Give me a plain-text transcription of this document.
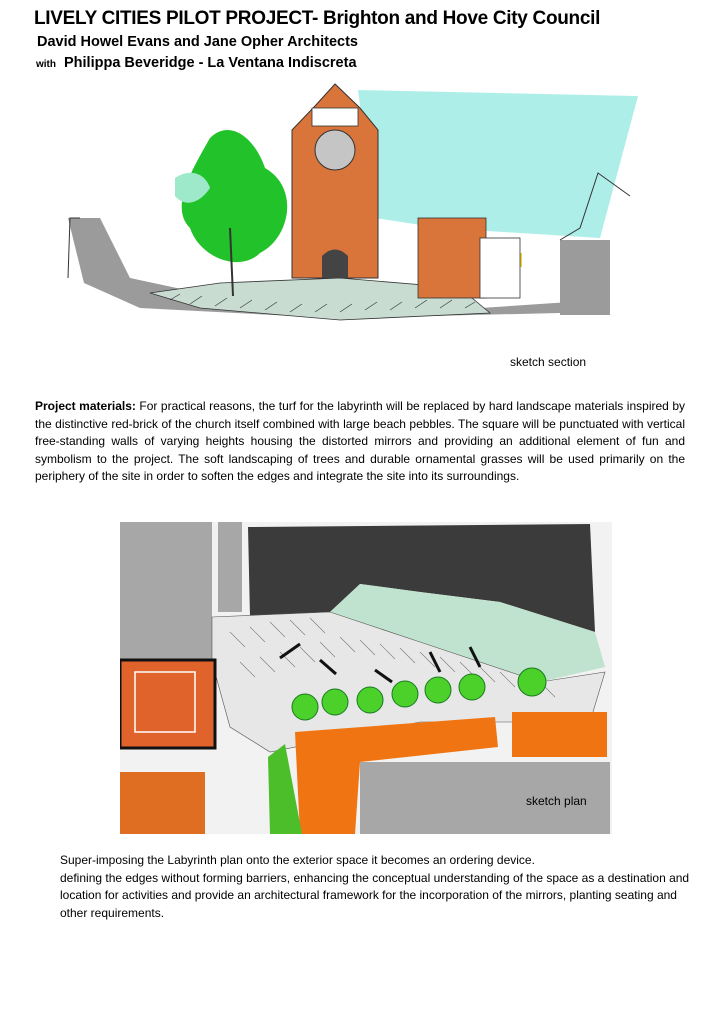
LIVELY CITIES PILOT PROJECT- Brighton and Hove City Council
David Howel Evans and Jane Opher Architects
with Philippa Beveridge - La Ventana Indiscreta
sketch section
Project materials: For practical reasons, the turf for the labyrinth will be replaced by hard landscape materials inspired by the distinctive red-brick of the church itself combined with large beach pebbles. The square will be punctuated with vertical free-standing walls of varying heights housing the distorted mirrors and providing an additional element of fun and symbolism to the project. The soft landscaping of trees and durable ornamental grasses will be used primarily on the periphery of the site in order to soften the edges and integrate the site into its surroundings.
sketch plan
Super-imposing the Labyrinth plan onto the exterior space it becomes an ordering device.
defining the edges without forming barriers, enhancing the conceptual understanding of the space as a destination and location for activities and provide an architectural framework for the incorporation of the mirrors, planting seating and other requirements.
